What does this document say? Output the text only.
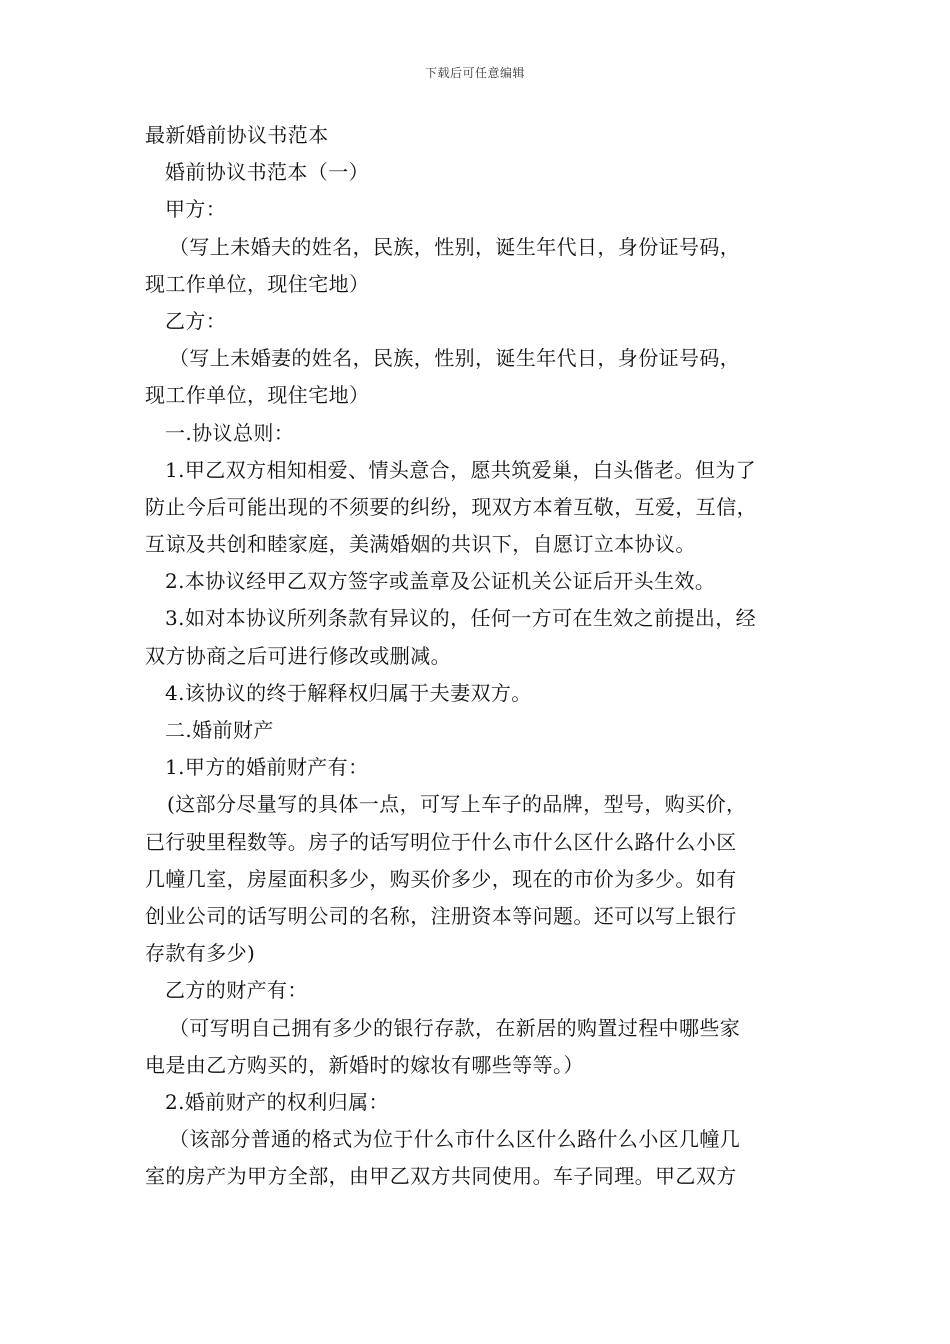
下载后可任意编辑
最新婚前协议书范本
婚前协议书范本（一）
甲方：
（写上未婚夫的姓名，民族，性别，诞生年代日，身份证号码，
现工作单位，现住宅地）
乙方：
（写上未婚妻的姓名，民族，性别，诞生年代日，身份证号码，
现工作单位，现住宅地）
一.协议总则：
1.甲乙双方相知相爱、情头意合，愿共筑爱巢，白头偕老。但为了
防止今后可能出现的不须要的纠纷，现双方本着互敬，互爱，互信，
互谅及共创和睦家庭，美满婚姻的共识下，自愿订立本协议。
2.本协议经甲乙双方签字或盖章及公证机关公证后开头生效。
3.如对本协议所列条款有异议的，任何一方可在生效之前提出，经
双方协商之后可进行修改或删减。
4.该协议的终于解释权归属于夫妻双方。
二.婚前财产
1.甲方的婚前财产有：
(这部分尽量写的具体一点，可写上车子的品牌，型号，购买价，
已行驶里程数等。房子的话写明位于什么市什么区什么路什么小区
几幢几室，房屋面积多少，购买价多少，现在的市价为多少。如有
创业公司的话写明公司的名称，注册资本等问题。还可以写上银行
存款有多少)
乙方的财产有：
（可写明自己拥有多少的银行存款，在新居的购置过程中哪些家
电是由乙方购买的，新婚时的嫁妆有哪些等等。）
2.婚前财产的权利归属：
（该部分普通的格式为位于什么市什么区什么路什么小区几幢几
室的房产为甲方全部，由甲乙双方共同使用。车子同理。甲乙双方
